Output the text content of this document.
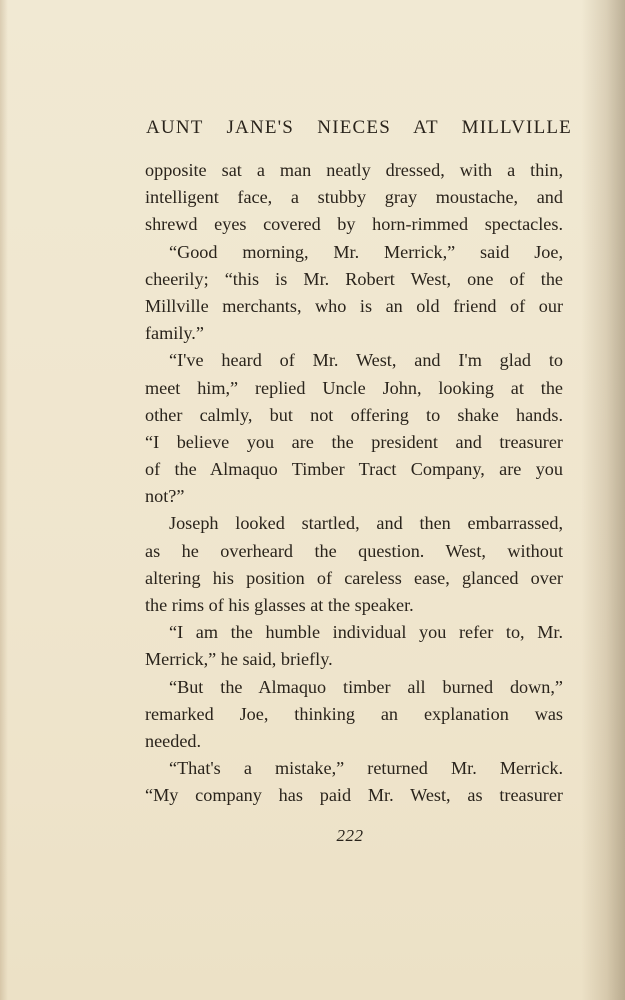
AUNT JANE'S NIECES AT MILLVILLE
opposite sat a man neatly dressed, with a thin,
intelligent face, a stubby gray moustache, and
shrewd eyes covered by horn-rimmed spectacles.
“Good morning, Mr. Merrick,” said Joe,
cheerily; “this is Mr. Robert West, one of the
Millville merchants, who is an old friend of our
family.”
“I've heard of Mr. West, and I'm glad to
meet him,” replied Uncle John, looking at the
other calmly, but not offering to shake hands.
“I believe you are the president and treasurer
of the Almaquo Timber Tract Company, are you
not?”
Joseph looked startled, and then embarrassed,
as he overheard the question. West, without
altering his position of careless ease, glanced over
the rims of his glasses at the speaker.
“I am the humble individual you refer to, Mr.
Merrick,” he said, briefly.
“But the Almaquo timber all burned down,”
remarked Joe, thinking an explanation was
needed.
“That's a mistake,” returned Mr. Merrick.
“My company has paid Mr. West, as treasurer
222
